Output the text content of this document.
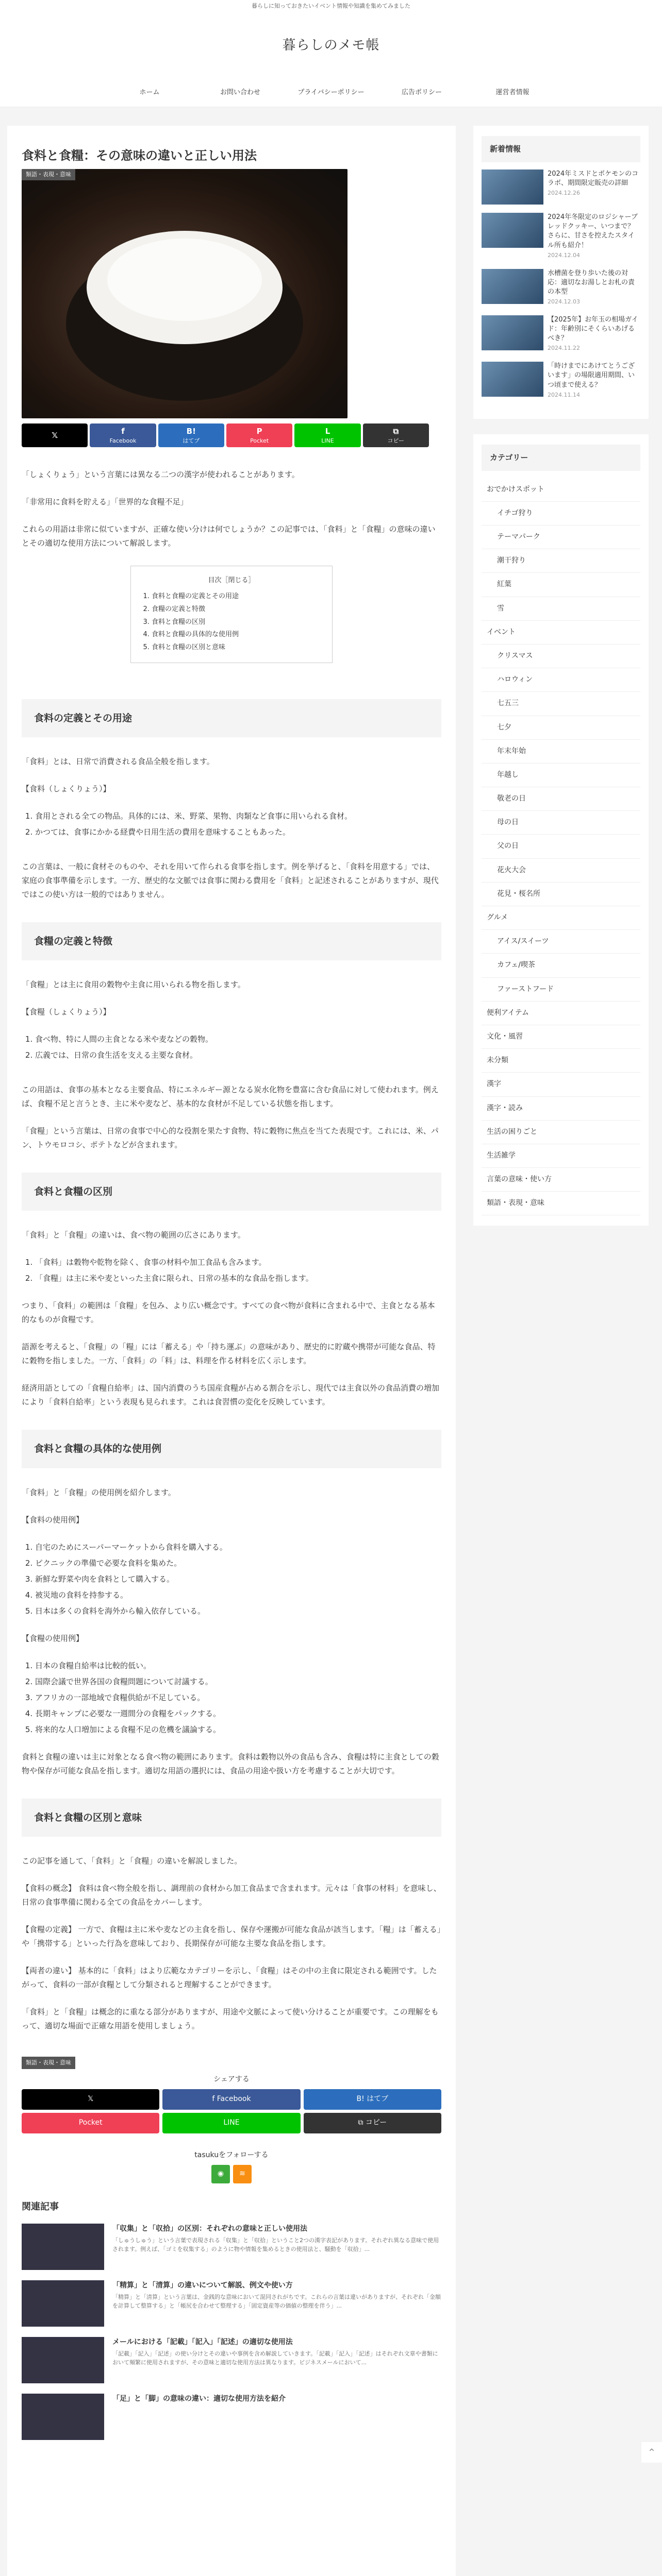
暮らしに知っておきたいイベント情報や知識を集めてみました
暮らしのメモ帳
ホーム	お問い合わせ	プライバシーポリシー	広告ポリシー	運営者情報
食料と食糧：その意味の違いと正しい用法
類語・表現・意味
𝕏	f
Facebook
B!
はてブ
P
Pocket
L
LINE
⧉
コピー

「しょくりょう」という言葉には異なる二つの漢字が使われることがあります。

「非常用に食料を貯える」「世界的な食糧不足」

これらの用語は非常に似ていますが、正確な使い分けは何でしょうか？この記事では、「食料」と「食糧」の意味の違いとその適切な使用方法について解説します。

目次［閉じる］
1. 食料と食糧の定義とその用途
2. 食糧の定義と特徴
3. 食料と食糧の区別
4. 食料と食糧の具体的な使用例
5. 食料と食糧の区別と意味
食料の定義とその用途

「食料」とは、日常で消費される食品全般を指します。

【食料（しょくりょう）】

1. 食用とされる全ての物品。具体的には、米、野菜、果物、肉類など食事に用いられる食材。
2. かつては、食事にかかる経費や日用生活の費用を意味することもあった。

この言葉は、一般に食材そのものや、それを用いて作られる食事を指します。例を挙げると、「食料を用意する」では、家庭の食事準備を示します。一方、歴史的な文脈では食事に関わる費用を「食料」と記述されることがありますが、現代ではこの使い方は一般的ではありません。

食糧の定義と特徴

「食糧」とは主に食用の穀物や主食に用いられる物を指します。

【食糧（しょくりょう）】

1. 食べ物、特に人間の主食となる米や麦などの穀物。
2. 広義では、日常の食生活を支える主要な食材。

この用語は、食事の基本となる主要食品、特にエネルギー源となる炭水化物を豊富に含む食品に対して使われます。例えば、食糧不足と言うとき、主に米や麦など、基本的な食材が不足している状態を指します。

「食糧」という言葉は、日常の食事で中心的な役割を果たす食物、特に穀物に焦点を当てた表現です。これには、米、パン、トウモロコシ、ポテトなどが含まれます。

食料と食糧の区別

「食料」と「食糧」の違いは、食べ物の範囲の広さにあります。

1. 「食料」は穀物や乾物を除く、食事の材料や加工食品も含みます。
2. 「食糧」は主に米や麦といった主食に限られ、日常の基本的な食品を指します。

つまり、「食料」の範囲は「食糧」を包み、より広い概念です。すべての食べ物が食料に含まれる中で、主食となる基本的なものが食糧です。

語源を考えると、「食糧」の「糧」には「蓄える」や「持ち運ぶ」の意味があり、歴史的に貯蔵や携帯が可能な食品、特に穀物を指しました。一方、「食料」の「料」は、料理を作る材料を広く示します。

経済用語としての「食糧自給率」は、国内消費のうち国産食糧が占める割合を示し、現代では主食以外の食品消費の増加により「食料自給率」という表現も見られます。これは食習慣の変化を反映しています。

食料と食糧の具体的な使用例

「食料」と「食糧」の使用例を紹介します。

【食料の使用例】

1. 自宅のためにスーパーマーケットから食料を購入する。
2. ピクニックの準備で必要な食料を集めた。
3. 新鮮な野菜や肉を食料として購入する。
4. 被災地の食料を持参する。
5. 日本は多くの食料を海外から輸入依存している。

【食糧の使用例】

1. 日本の食糧自給率は比較的低い。
2. 国際会議で世界各国の食糧問題について討議する。
3. アフリカの一部地域で食糧供給が不足している。
4. 長期キャンプに必要な一週間分の食糧をパックする。
5. 将来的な人口増加による食糧不足の危機を議論する。

食料と食糧の違いは主に対象となる食べ物の範囲にあります。食料は穀物以外の食品も含み、食糧は特に主食としての穀物や保存が可能な食品を指します。適切な用語の選択には、食品の用途や扱い方を考慮することが大切です。

食料と食糧の区別と意味

この記事を通して、「食料」と「食糧」の違いを解説しました。

【食料の概念】 食料は食べ物全般を指し、調理前の食材から加工食品まで含まれます。元々は「食事の材料」を意味し、日常の食事準備に関わる全ての食品をカバーします。

【食糧の定義】 一方で、食糧は主に米や麦などの主食を指し、保存や運搬が可能な食品が該当します。「糧」は「蓄える」や「携帯する」といった行為を意味しており、長期保存が可能な主要な食品を指します。

【両者の違い】 基本的に「食料」はより広範なカテゴリーを示し、「食糧」はその中の主食に限定される範囲です。したがって、食料の一部が食糧として分類されると理解することができます。

「食料」と「食糧」は概念的に重なる部分がありますが、用途や文脈によって使い分けることが重要です。この理解をもって、適切な場面で正確な用語を使用しましょう。

類語・表現・意味
シェアする
𝕏	f Facebook	B! はてブ
Pocket	LINE	⧉ コピー
tasukuをフォローする
◉	≋
関連記事
「収集」と「収拾」の区別：それぞれの意味と正しい使用法
「しゅうしゅう」という言葉で表現される「収集」と「収拾」ということ2つの漢字表記があります。それぞれ異なる意味で使用されます。例えば、「ゴミを収集する」のように物や情報を集めるときの使用法と、騒動を「収拾」...
「精算」と「清算」の違いについて解説、例文や使い方
「精算」と「清算」という言葉は、金銭的な意味において混同されがちです。これらの言葉は違いがありますが、それぞれ「金額を計算して整算する」と「帳尻を合わせて整理する」「固定資産等の価値の整理を伴う」...
メールにおける「記載」「記入」「記述」の適切な使用法
「記載」「記入」「記述」の使い分けとその違いや事例を含め解説していきます。「記載」「記入」「記述」はそれぞれ文章や書類において頻繁に使用されますが、その意味と適切な使用方法は異なります。ビジネスメールにおいて...
「足」と「脚」の意味の違い：適切な使用方法を紹介
新着情報
2024年ミスドとポケモンのコラボ、期間限定販売の詳細
2024.12.26
2024年冬限定のロジシャーブレッドクッキー、いつまで？さらに、甘さを控えたスタイル所も紹介！
2024.12.04
水槽菌を登り歩いた後の対応：適切なお湯しとお札の責の本型
2024.12.03
【2025年】お年玉の相場ガイド：年齢別にそくらいあげるべき？
2024.11.22
「時けまでにあけてとうございます」の場限適用期間、いつ頃まで使える？
2024.11.14
カテゴリー
おでかけスポット
イチゴ狩り
テーマパーク
潮干狩り
紅葉
雪
イベント
クリスマス
ハロウィン
七五三
七夕
年末年始
年越し
敬老の日
母の日
父の日
花火大会
花見・桜名所
グルメ
アイス/スイーツ
カフェ/喫茶
ファーストフード
便利アイテム
文化・風習
未分類
漢字
漢字・読み
生活の困りごと
生活雑学
言葉の意味・使い方
類語・表現・意味
⌃
